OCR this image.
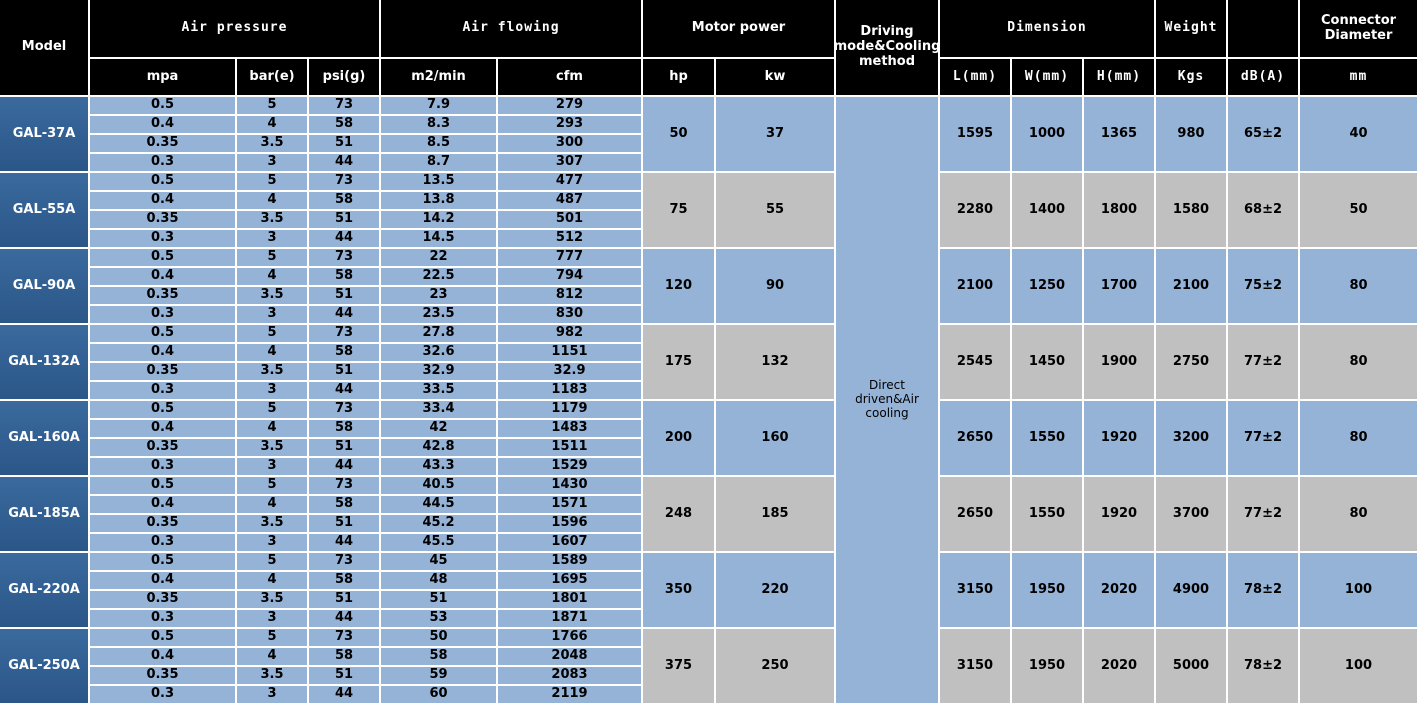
Model
Air pressure	Air flowing	Motor power	Driving mode&Cooling method
Dimension	Weight	Connector Diameter
mpa	bar(e)	psi(g)	m2/min	cfm	hp	kw	L(mm)	W(mm)	H(mm)	Kgs	dB(A)	mm
Direct driven&Air cooling
GAL-37A
0.5	5	73	7.9	279
0.4	4	58	8.3	293
0.35	3.5	51	8.5	300
0.3	3	44	8.7	307
50	37	1595	1000	1365	980	65±2	40
GAL-55A
0.5	5	73	13.5	477
0.4	4	58	13.8	487
0.35	3.5	51	14.2	501
0.3	3	44	14.5	512
75	55	2280	1400	1800	1580	68±2	50
GAL-90A
0.5	5	73	22	777
0.4	4	58	22.5	794
0.35	3.5	51	23	812
0.3	3	44	23.5	830
120	90	2100	1250	1700	2100	75±2	80
GAL-132A
0.5	5	73	27.8	982
0.4	4	58	32.6	1151
0.35	3.5	51	32.9	32.9
0.3	3	44	33.5	1183
175	132	2545	1450	1900	2750	77±2	80
GAL-160A
0.5	5	73	33.4	1179
0.4	4	58	42	1483
0.35	3.5	51	42.8	1511
0.3	3	44	43.3	1529
200	160	2650	1550	1920	3200	77±2	80
GAL-185A
0.5	5	73	40.5	1430
0.4	4	58	44.5	1571
0.35	3.5	51	45.2	1596
0.3	3	44	45.5	1607
248	185	2650	1550	1920	3700	77±2	80
GAL-220A
0.5	5	73	45	1589
0.4	4	58	48	1695
0.35	3.5	51	51	1801
0.3	3	44	53	1871
350	220	3150	1950	2020	4900	78±2	100
GAL-250A
0.5	5	73	50	1766
0.4	4	58	58	2048
0.35	3.5	51	59	2083
0.3	3	44	60	2119
375	250	3150	1950	2020	5000	78±2	100
